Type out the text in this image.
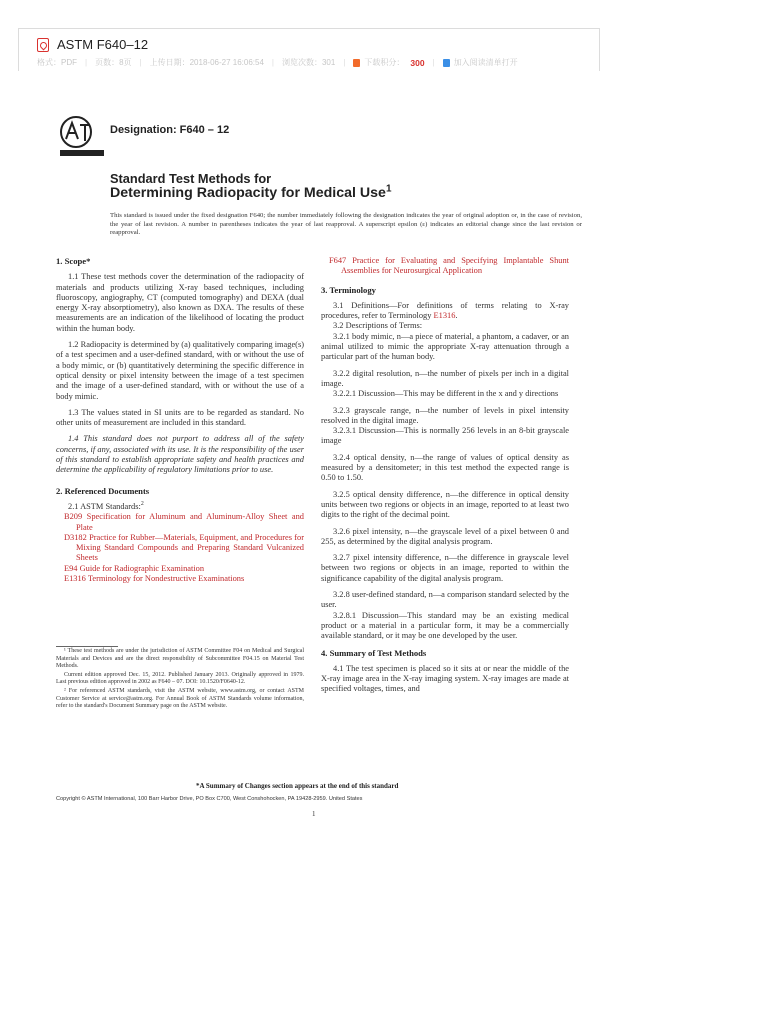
ASTM F640–12
格式：PDF | 页数：8页 | 上传日期：2018-06-27 16:06:54 | 浏览次数：301 | 下载积分： 300 | 加入阅读清单打开
Designation: F640 – 12
Standard Test Methods for
Determining Radiopacity for Medical Use$^1$
This standard is issued under the fixed designation F640; the number immediately following the designation indicates the year of original adoption or, in the case of revision, the year of last revision. A number in parentheses indicates the year of last reapproval. A superscript epsilon (ε) indicates an editorial change since the last revision or reapproval.
1. Scope*

1.1 These test methods cover the determination of the radiopacity of materials and products utilizing X-ray based techniques, including fluoroscopy, angiography, CT (computed tomography) and DEXA (dual energy X-ray absorptiometry), also known as DXA. The results of these measurements are an indication of the likelihood of locating the product within the human body.

1.2 Radiopacity is determined by (a) qualitatively comparing image(s) of a test specimen and a user-defined standard, with or without the use of a body mimic, or (b) quantitatively determining the specific difference in optical density or pixel intensity between the image of a test specimen and the image of a user-defined standard, with or without the use of a body mimic.

1.3 The values stated in SI units are to be regarded as standard. No other units of measurement are included in this standard.

1.4 This standard does not purport to address all of the safety concerns, if any, associated with its use. It is the responsibility of the user of this standard to establish appropriate safety and health practices and determine the applicability of regulatory limitations prior to use.

2. Referenced Documents

2.1 ASTM Standards:$^2$

B209 Specification for Aluminum and Aluminum-Alloy Sheet and Plate

D3182 Practice for Rubber—Materials, Equipment, and Procedures for Mixing Standard Compounds and Preparing Standard Vulcanized Sheets

E94 Guide for Radiographic Examination

E1316 Terminology for Nondestructive Examinations

¹ These test methods are under the jurisdiction of ASTM Committee F04 on Medical and Surgical Materials and Devices and are the direct responsibility of Subcommittee F04.15 on Material Test Methods.

Current edition approved Dec. 15, 2012. Published January 2013. Originally approved in 1979. Last previous edition approved in 2002 as F640 – 07. DOI: 10.1520/F0640-12.

² For referenced ASTM standards, visit the ASTM website, www.astm.org, or contact ASTM Customer Service at service@astm.org. For Annual Book of ASTM Standards volume information, refer to the standard's Document Summary page on the ASTM website.

F647 Practice for Evaluating and Specifying Implantable Shunt Assemblies for Neurosurgical Application

3. Terminology

3.1 Definitions—For definitions of terms relating to X-ray procedures, refer to Terminology E1316.

3.2 Descriptions of Terms:

3.2.1 body mimic, n—a piece of material, a phantom, a cadaver, or an animal utilized to mimic the appropriate X-ray attenuation through a particular part of the human body.

3.2.2 digital resolution, n—the number of pixels per inch in a digital image.

3.2.2.1 Discussion—This may be different in the x and y directions

3.2.3 grayscale range, n—the number of levels in pixel intensity resolved in the digital image.

3.2.3.1 Discussion—This is normally 256 levels in an 8-bit grayscale image

3.2.4 optical density, n—the range of values of optical density as measured by a densitometer; in this test method the expected range is 0.50 to 1.50.

3.2.5 optical density difference, n—the difference in optical density units between two regions or objects in an image, reported to at least two digits to the right of the decimal point.

3.2.6 pixel intensity, n—the grayscale level of a pixel between 0 and 255, as determined by the digital analysis program.

3.2.7 pixel intensity difference, n—the difference in grayscale level between two regions or objects in an image, reported to within the significance capability of the digital analysis program.

3.2.8 user-defined standard, n—a comparison standard selected by the user.

3.2.8.1 Discussion—This standard may be an existing medical product or a material in a particular form, it may be a commercially available standard, or it may be one developed by the user.

4. Summary of Test Methods

4.1 The test specimen is placed so it sits at or near the middle of the X-ray image area in the X-ray imaging system. X-ray images are made at specified voltages, times, and

*A Summary of Changes section appears at the end of this standard
Copyright © ASTM International, 100 Barr Harbor Drive, PO Box C700, West Conshohocken, PA 19428-2959. United States
1
